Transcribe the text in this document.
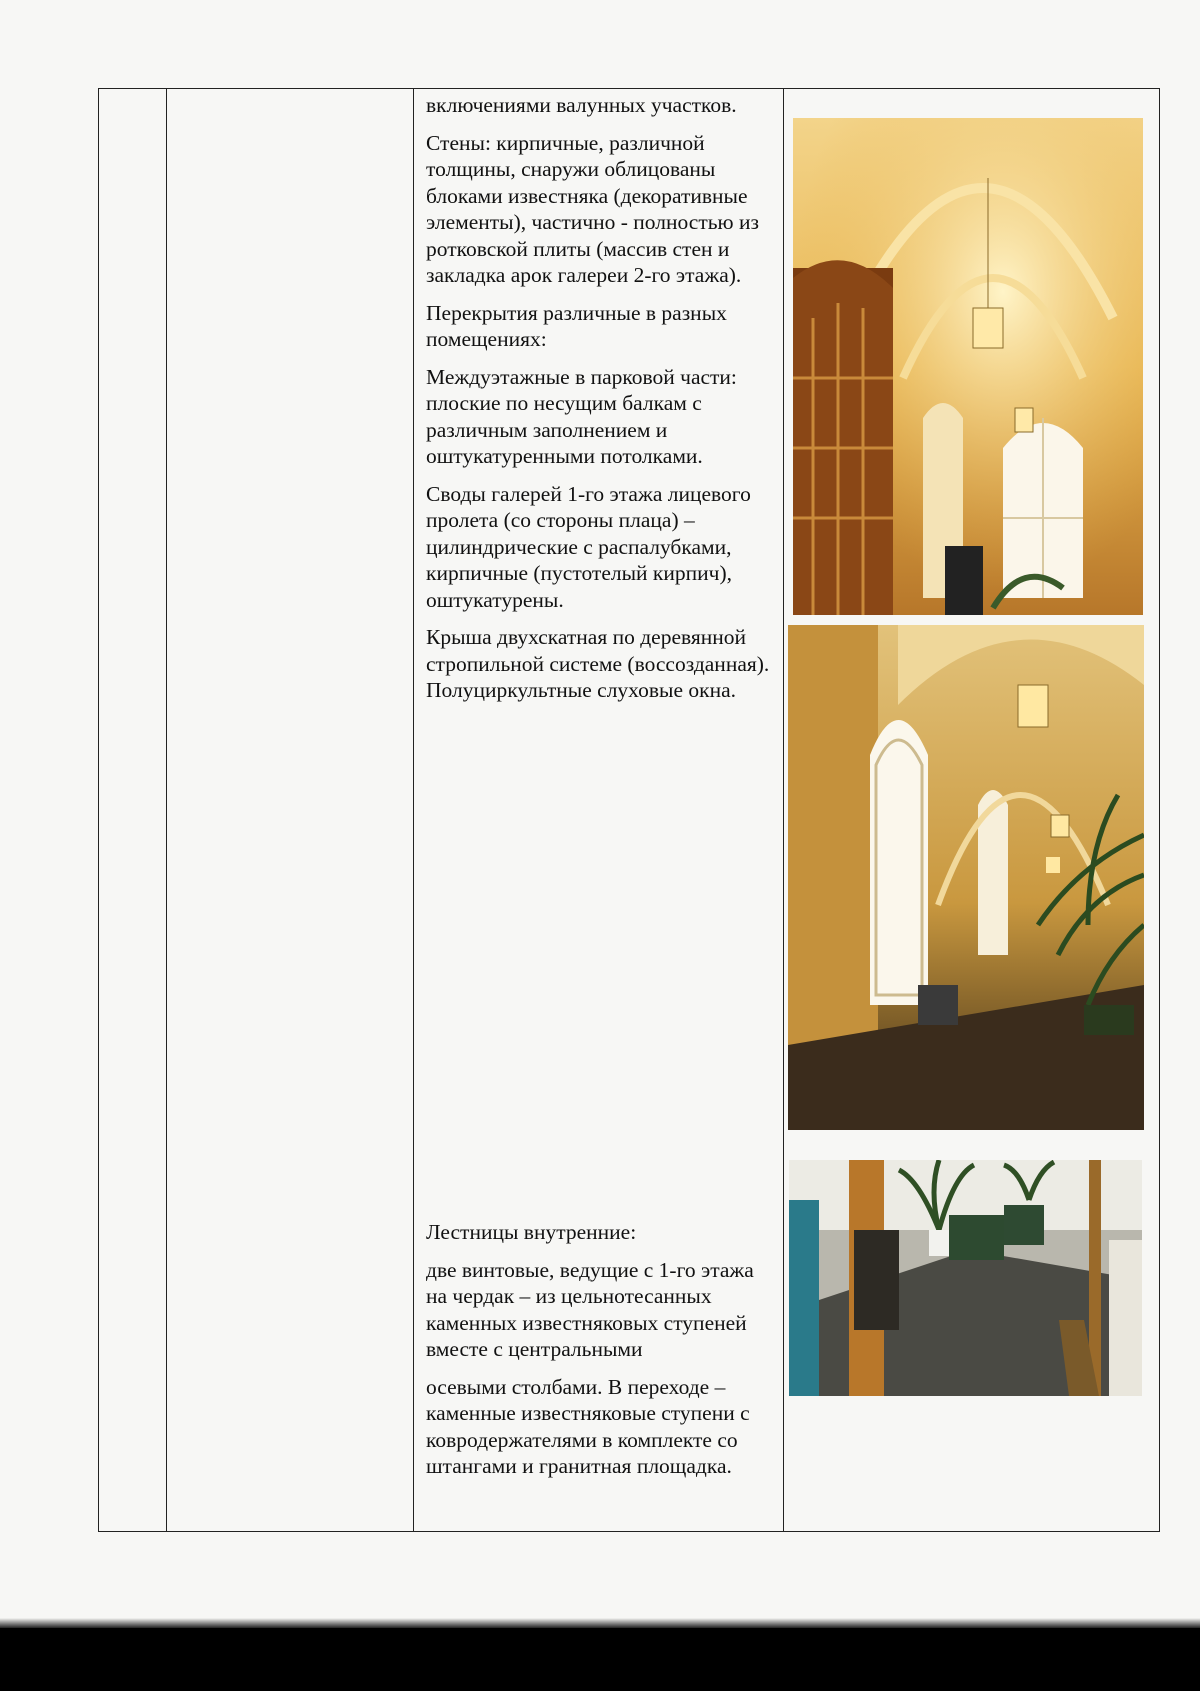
включениями валунных участков.

Стены: кирпичные, различной толщины, снаружи облицованы блоками известняка (декоративные элементы), частично - полностью из ротковской плиты (массив стен и закладка арок галереи 2-го этажа).

Перекрытия различные в разных помещениях:

Междуэтажные в парковой части: плоские по несущим балкам с различным заполнением и оштукатуренными потолками.

Своды галерей 1-го этажа лицевого пролета (со стороны плаца) – цилиндрические с распалубками, кирпичные (пустотелый кирпич), оштукатурены.

Крыша двухскатная по деревянной стропильной системе (воссозданная).

Полуциркультные слуховые окна.

Лестницы внутренние:

две винтовые, ведущие с 1-го этажа на чердак – из цельнотесанных каменных известняковых ступеней вместе с центральными

осевыми столбами. В переходе – каменные известняковые ступени с ковродержателями в комплекте со штангами и гранитная площадка.
